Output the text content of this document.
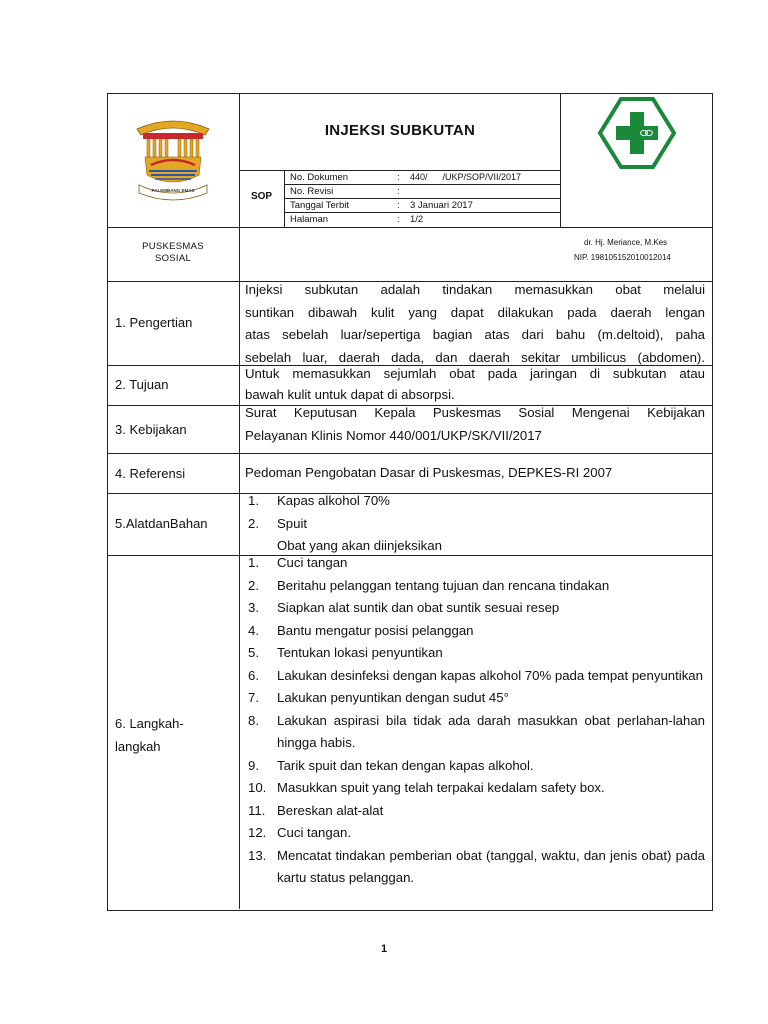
PALEMBANG EMAS
INJEKSI SUBKUTAN
SOP
No. Dokumen	: 440/      /UKP/SOP/VII/2017
No. Revisi	:
Tanggal Terbit	: 3 Januari 2017
Halaman	: 1/2
PUSKESMAS
SOSIAL
dr. Hj. Meriance, M.Kes
NIP. 198105152010012014
1. Pengertian
Injeksi subkutan adalah tindakan memasukkan obat melalui
suntikan dibawah kulit yang dapat dilakukan pada daerah lengan
atas sebelah luar/sepertiga bagian atas dari bahu (m.deltoid), paha
sebelah luar, daerah dada, dan daerah sekitar umbilicus (abdomen).
2. Tujuan
Untuk memasukkan sejumlah obat pada jaringan di subkutan atau
bawah kulit untuk dapat di absorpsi.
3. Kebijakan
Surat Keputusan Kepala Puskesmas Sosial Mengenai Kebijakan
Pelayanan Klinis Nomor 440/001/UKP/SK/VII/2017
4. Referensi	Pedoman Pengobatan Dasar di Puskesmas, DEPKES-RI 2007
5.AlatdanBahan
1. Kapas alkohol 70%
2. Spuit
Obat yang akan diinjeksikan
6. Langkah-
langkah
1. Cuci tangan
2. Beritahu pelanggan tentang tujuan dan rencana tindakan
3. Siapkan alat suntik dan obat suntik sesuai resep
4. Bantu mengatur posisi pelanggan
5. Tentukan lokasi penyuntikan
6. Lakukan desinfeksi dengan kapas alkohol 70% pada tempat penyuntikan
7. Lakukan penyuntikan dengan sudut 45°
8. Lakukan aspirasi bila tidak ada darah masukkan obat perlahan-lahan hingga habis.
9. Tarik spuit dan tekan dengan kapas alkohol.
10. Masukkan spuit yang telah terpakai kedalam safety box.
11. Bereskan alat-alat
12. Cuci tangan.
13. Mencatat tindakan pemberian obat (tanggal, waktu, dan jenis obat) pada kartu status pelanggan.
1
